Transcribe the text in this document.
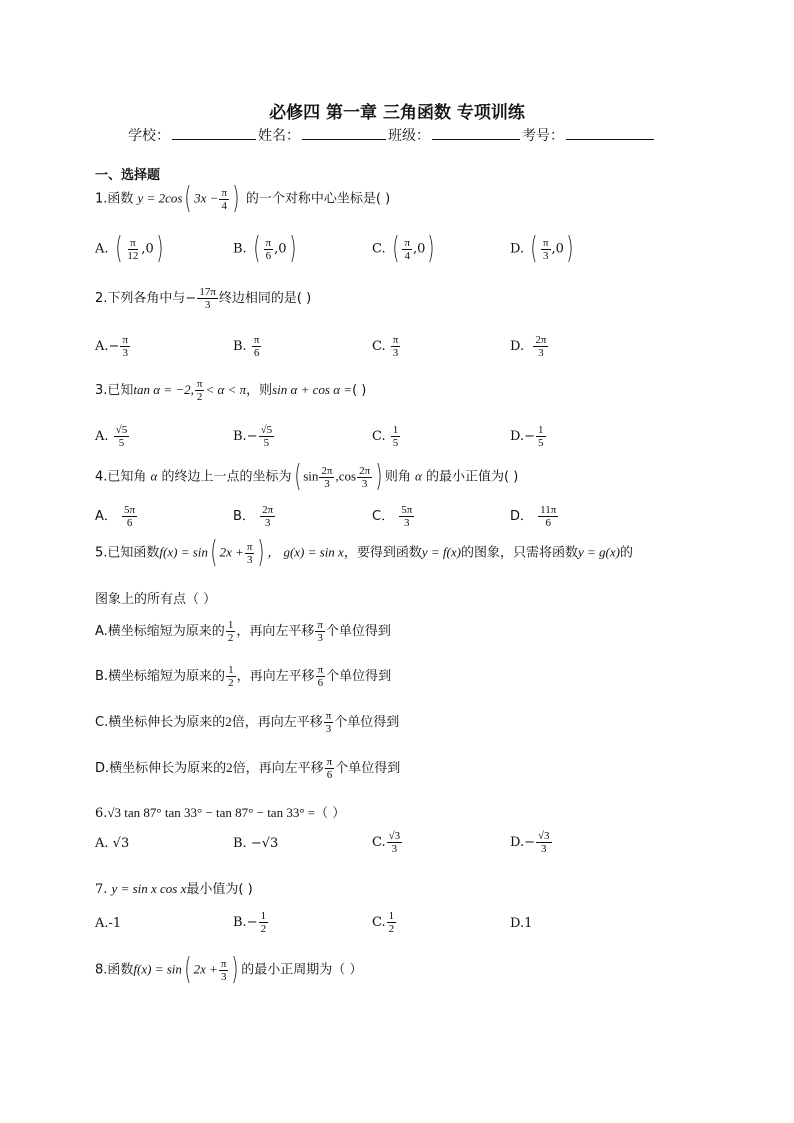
必修四 第一章 三角函数 专项训练
学校：	姓名：	班级：	考号：
一、选择题
1.函数 y = 2cos( $3x - \frac{\pi}{4}$ ) 的一个对称中心坐标是( )
A. ( $\frac{\pi}{12} ,0$)	B. ( $\frac{\pi}{6} ,0$)	C. ( $\frac{\pi}{4} ,0$)	D. ( $\frac{\pi}{3} ,0$)
2.下列各角中与− $\frac{17\pi}{3}$ 终边相同的是( )
$A.- \frac{\pi}{3}$	B. $\frac{\pi}{6}$	C. $\frac{\pi}{3}$	D. $\frac{2\pi}{3}$
3.已知tan α = −2, $\frac{\pi}{2} < \alpha < \pi$，则sin α + cos α =( )
A. $\frac{√5}{5}$	$B.- \frac{√5}{5}$	C. $\frac{1}{5}$	$D.- \frac{1}{5}$
4.已知角 α 的终边上一点的坐标为( $\sin \frac{2\pi}{3} ,\cos \frac{2\pi}{3}$ ) 则角 α 的最小正值为( )
A． $\frac{5\pi}{6}$	B． $\frac{2\pi}{3}$	C． $\frac{5\pi}{3}$	D． $\frac{11\pi}{6}$
5.已知函数f(x) = sin( $2x + \frac{\pi}{3}$ ) ， g(x) = sin x，要得到函数y = f(x)的图象，只需将函数y = g(x)的
图象上的所有点（ ）
A.横坐标缩短为原来的 $\frac{1}{2}$ ，再向左平移 $\frac{\pi}{3}$ 个单位得到
B.横坐标缩短为原来的 $\frac{1}{2}$ ，再向左平移 $\frac{\pi}{6}$ 个单位得到
C.横坐标伸长为原来的2倍，再向左平移 $\frac{\pi}{3}$ 个单位得到
D.横坐标伸长为原来的2倍，再向左平移 $\frac{\pi}{6}$ 个单位得到
6.√3 tan 87° tan 33° − tan 87° − tan 33° =（ ）
A. √3	B. −√3	C. $\frac{√3}{3}$	$D.- \frac{√3}{3}$
7. y = sin x cos x最小值为( )
A.-1	$B.- \frac{1}{2}$	C. $\frac{1}{2}$	D.1
8.函数f(x) = sin( $2x + \frac{\pi}{3}$ ) 的最小正周期为（ ）
